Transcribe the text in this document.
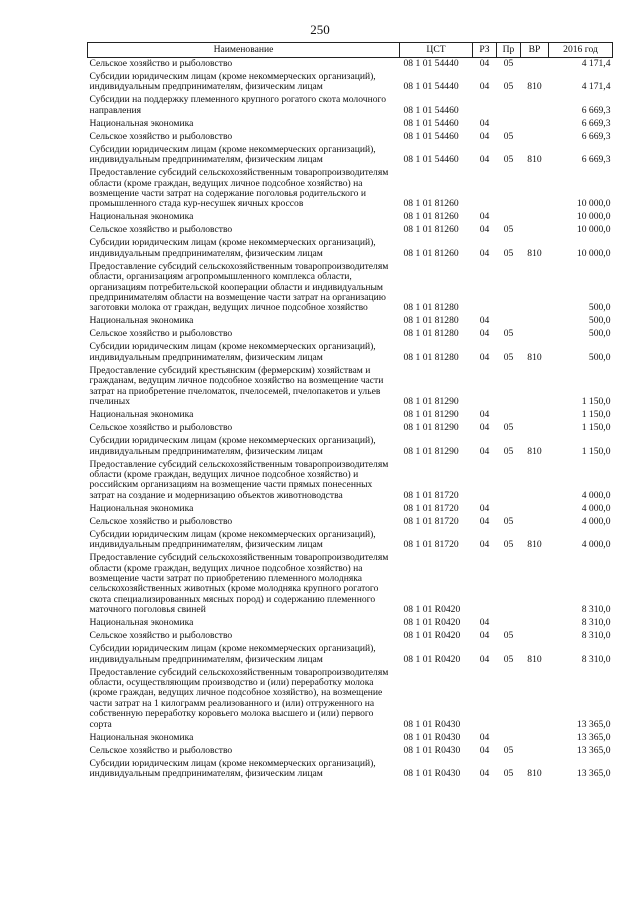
250
Наименование	ЦСТ	РЗ	Пр	ВР	2016 год
Сельское хозяйство и рыболовство	08 1 01 54440	04	05		4 171,4
Субсидии юридическим лицам (кроме некоммерческих организаций), индивидуальным предпринимателям, физическим лицам	08 1 01 54440	04	05	810	4 171,4
Субсидии на поддержку племенного крупного рогатого скота молочного направления	08 1 01 54460				6 669,3
Национальная экономика	08 1 01 54460	04			6 669,3
Сельское хозяйство и рыболовство	08 1 01 54460	04	05		6 669,3
Субсидии юридическим лицам (кроме некоммерческих организаций), индивидуальным предпринимателям, физическим лицам	08 1 01 54460	04	05	810	6 669,3
Предоставление субсидий сельскохозяйственным товаропроизводителям области (кроме граждан, ведущих личное подсобное хозяйство) на возмещение части затрат на содержание поголовья родительского и промышленного стада кур-несушек яичных кроссов	08 1 01 81260				10 000,0
Национальная экономика	08 1 01 81260	04			10 000,0
Сельское хозяйство и рыболовство	08 1 01 81260	04	05		10 000,0
Субсидии юридическим лицам (кроме некоммерческих организаций), индивидуальным предпринимателям, физическим лицам	08 1 01 81260	04	05	810	10 000,0
Предоставление субсидий сельскохозяйственным товаропроизводителям области, организациям агропромышленного комплекса области, организациям потребительской кооперации области и индивидуальным предпринимателям области на возмещение части затрат на организацию заготовки молока от граждан, ведущих личное подсобное хозяйство	08 1 01 81280				500,0
Национальная экономика	08 1 01 81280	04			500,0
Сельское хозяйство и рыболовство	08 1 01 81280	04	05		500,0
Субсидии юридическим лицам (кроме некоммерческих организаций), индивидуальным предпринимателям, физическим лицам	08 1 01 81280	04	05	810	500,0
Предоставление субсидий крестьянским (фермерским) хозяйствам и гражданам, ведущим личное подсобное хозяйство на возмещение части затрат на приобретение пчеломаток, пчелосемей, пчелопакетов и ульев пчелиных	08 1 01 81290				1 150,0
Национальная экономика	08 1 01 81290	04			1 150,0
Сельское хозяйство и рыболовство	08 1 01 81290	04	05		1 150,0
Субсидии юридическим лицам (кроме некоммерческих организаций), индивидуальным предпринимателям, физическим лицам	08 1 01 81290	04	05	810	1 150,0
Предоставление субсидий сельскохозяйственным товаропроизводителям области (кроме граждан, ведущих личное подсобное хозяйство) и российским организациям на возмещение части прямых понесенных затрат на создание и модернизацию объектов животноводства	08 1 01 81720				4 000,0
Национальная экономика	08 1 01 81720	04			4 000,0
Сельское хозяйство и рыболовство	08 1 01 81720	04	05		4 000,0
Субсидии юридическим лицам (кроме некоммерческих организаций), индивидуальным предпринимателям, физическим лицам	08 1 01 81720	04	05	810	4 000,0
Предоставление субсидий сельскохозяйственным товаропроизводителям области (кроме граждан, ведущих личное подсобное хозяйство) на возмещение части затрат по приобретению племенного молодняка сельскохозяйственных животных (кроме молодняка крупного рогатого скота специализированных мясных пород) и содержанию племенного маточного поголовья свиней	08 1 01 R0420				8 310,0
Национальная экономика	08 1 01 R0420	04			8 310,0
Сельское хозяйство и рыболовство	08 1 01 R0420	04	05		8 310,0
Субсидии юридическим лицам (кроме некоммерческих организаций), индивидуальным предпринимателям, физическим лицам	08 1 01 R0420	04	05	810	8 310,0
Предоставление субсидий сельскохозяйственным товаропроизводителям области, осуществляющим производство и (или) переработку молока (кроме граждан, ведущих личное подсобное хозяйство), на возмещение части затрат на 1 килограмм реализованного и (или) отгруженного на собственную переработку коровьего молока высшего и (или) первого сорта	08 1 01 R0430				13 365,0
Национальная экономика	08 1 01 R0430	04			13 365,0
Сельское хозяйство и рыболовство	08 1 01 R0430	04	05		13 365,0
Субсидии юридическим лицам (кроме некоммерческих организаций), индивидуальным предпринимателям, физическим лицам	08 1 01 R0430	04	05	810	13 365,0
